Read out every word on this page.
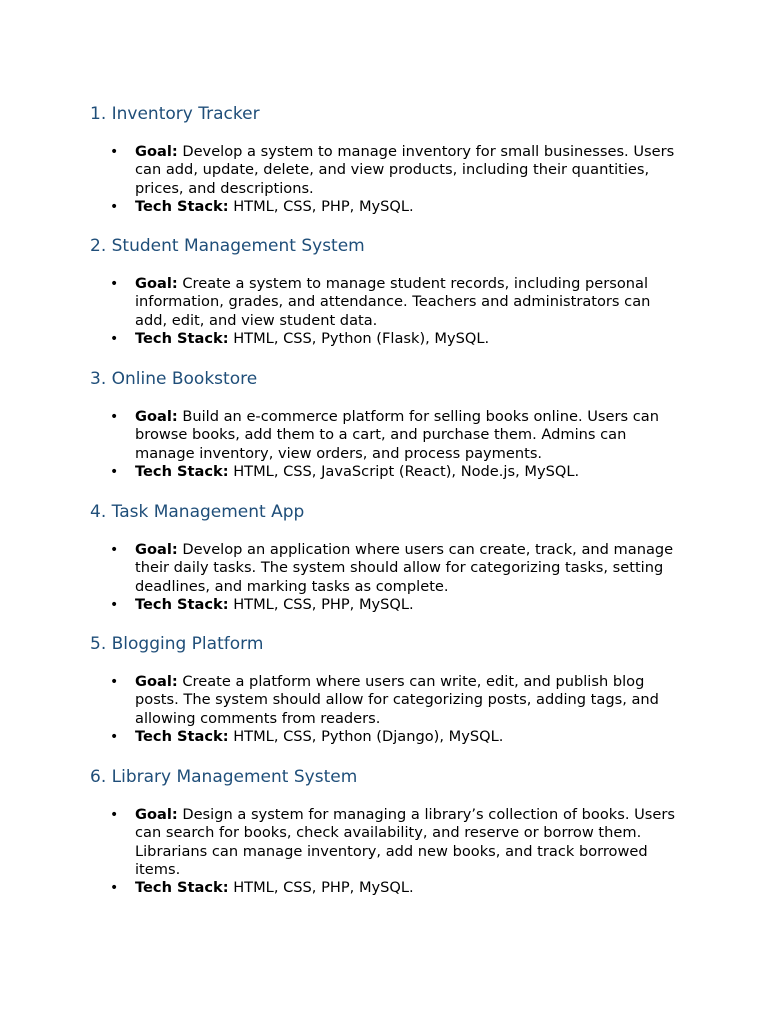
1. Inventory Tracker
• Goal: Develop a system to manage inventory for small businesses. Users can add, update, delete, and view products, including their quantities, prices, and descriptions.
• Tech Stack: HTML, CSS, PHP, MySQL.
2. Student Management System
• Goal: Create a system to manage student records, including personal information, grades, and attendance. Teachers and administrators can add, edit, and view student data.
• Tech Stack: HTML, CSS, Python (Flask), MySQL.
3. Online Bookstore
• Goal: Build an e-commerce platform for selling books online. Users can browse books, add them to a cart, and purchase them. Admins can manage inventory, view orders, and process payments.
• Tech Stack: HTML, CSS, JavaScript (React), Node.js, MySQL.
4. Task Management App
• Goal: Develop an application where users can create, track, and manage their daily tasks. The system should allow for categorizing tasks, setting deadlines, and marking tasks as complete.
• Tech Stack: HTML, CSS, PHP, MySQL.
5. Blogging Platform
• Goal: Create a platform where users can write, edit, and publish blog posts. The system should allow for categorizing posts, adding tags, and allowing comments from readers.
• Tech Stack: HTML, CSS, Python (Django), MySQL.
6. Library Management System
• Goal: Design a system for managing a library’s collection of books. Users can search for books, check availability, and reserve or borrow them. Librarians can manage inventory, add new books, and track borrowed items.
• Tech Stack: HTML, CSS, PHP, MySQL.
